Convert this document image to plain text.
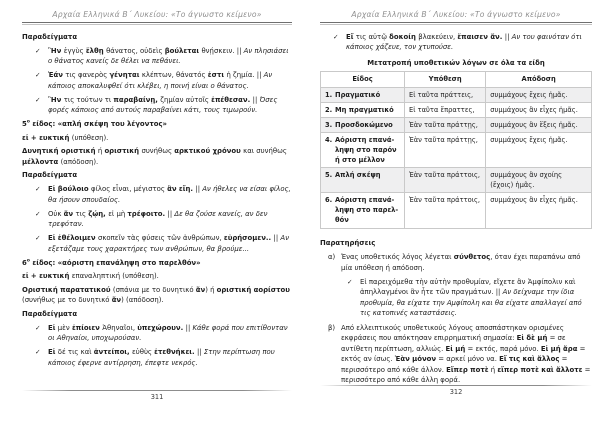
Αρχαία Ελληνικά Β΄ Λυκείου: «Το άγνωστο κείμενο»

Παραδείγματα

✓	Ἢν ἐγγὺς ἔλθῃ θάνατος, οὐδεὶς βούλεται θνῄσκειν. || Αν πλησιάσει ο θάνατος κανείς δε θέλει να πεθάνει.

✓	Ἐάν τις φανερὸς γένηται κλέπτων, θάνατός ἐστι ἡ ζημία. || Αν κάποιος αποκαλυφθεί ότι κλέβει, η ποινή είναι ο θάνατος.

✓	Ἢν τις τούτων τι παραβαίνῃ, ζημίαν αὐτοῖς ἐπέθεσαν. || Όσες φορές κάποιος από αυτούς παραβαίνει κάτι, τους τιμωρούν.

$5^o$ είδος: «απλή σκέψη του λέγοντος»

εἰ + ευκτική (υπόθεση).

Δυνητική οριστική ή οριστική συνήθως αρκτικού χρόνου και συνήθως μέλλοντα (απόδοση).

Παραδείγματα

✓	Εἰ βούλοιο φίλος εἶναι, μέγιστος ἂν εἴη. || Αν ήθελες να είσαι φίλος, θα ήσουν σπουδαίος.

✓	Οὐκ ἄν τις ζῴη, εἰ μὴ τρέφοιτο. || Δε θα ζούσε κανείς, αν δεν τρεφόταν.

✓	Εἰ ἐθέλοιμεν σκοπεῖν τὰς φύσεις τῶν ἀνθρώπων, εὑρήσομεν.. || Αν εξετάζαμε τους χαρακτήρες των ανθρώπων, θα βρούμε...

$6^o$ είδος: «αόριστη επανάληψη στο παρελθόν»

εἰ + ευκτική επαναληπτική (υπόθεση).

Οριστική παρατατικού (σπάνια με το δυνητικό ἄν) ή οριστική αορίστου (συνήθως με το δυνητικό ἄν) (απόδοση).

Παραδείγματα

✓	Εἰ μὲν ἐπίοιεν Ἀθηναῖοι, ὑπεχώρουν. || Κάθε φορά που επιτίθονταν οι Αθηναίοι, υποχωρούσαν.

✓	Εἰ δέ τις καὶ ἀντείποι, εὐθὺς ἐτεθνήκει. || Στην περίπτωση που κάποιος έφερνε αντίρρηση, έπεφτε νεκρός.

311
Αρχαία Ελληνικά Β΄ Λυκείου: «Το άγνωστο κείμενο»
✓	Εἴ τις αὐτῷ δοκοίη βλακεύειν, ἔπαισεν ἄν. || Αν του φαινόταν ότι κάποιος χάζευε, τον χτυπούσε.

Μετατροπή υποθετικών λόγων σε όλα τα είδη

Είδος	Υπόθεση	Απόδοση

1. Πραγματικό	Εἰ ταῦτα πράττεις,	συμμάχους ἔχεις ἡμᾶς.

2. Μη πραγματικό	Εἰ ταῦτα ἔπραττες,	συμμάχους ἂν εἶχες ἡμᾶς.

3. Προσδοκώμενο	Ἐὰν ταῦτα πράττῃς,	συμμάχους ἂν ἕξεις ἡμᾶς.

4. Αόριστη επανάληψη στο παρόν ή στο μέλλον	Ἐὰν ταῦτα πράττῃς,	συμμάχους ἔχεις ἡμᾶς.

5. Απλή σκέψη	Ἐὰν ταῦτα πράττοις,	συμμάχους ἂν σχοίης (ἔχοις) ἡμᾶς.

6. Αόριστη επανάληψη στο παρελθόν	Ἐὰν ταῦτα πράττοις,	συμμάχους ἂν εἶχες ἡμᾶς.

Παρατηρήσεις

α) Ένας υποθετικός λόγος λέγεται σύνθετος, όταν έχει παραπάνω από μία υπόθεση ή απόδοση.

✓	Εἰ παρειχόμεθα τὴν αὐτὴν προθυμίαν, εἴχετε ἂν Ἀμφίπολιν καὶ ἀπηλλαγμένοι ἂν ἦτε τῶν πραγμάτων. || Αν δείχναμε την ίδια προθυμία, θα είχατε την Αμφίπολη και θα είχατε απαλλαγεί από τις κατοπινές καταστάσεις.

β) Από ελλειπτικούς υποθετικούς λόγους αποσπάστηκαν ορισμένες εκφράσεις που απόκτησαν επιρρηματική σημασία: Εἰ δὲ μή = σε αντίθετη περίπτωση, αλλιώς. Εἰ μή = εκτός, παρά μόνο. Εἰ μή ἄρα = εκτός αν ίσως. Ἐὰν μόνον = αρκεί μόνο να. Εἴ τις καὶ ἄλλος = περισσότερο από κάθε άλλον. Εἴπερ ποτὲ ή εἴπερ ποτὲ καὶ ἄλλοτε = περισσότερο από κάθε άλλη φορά.

312
